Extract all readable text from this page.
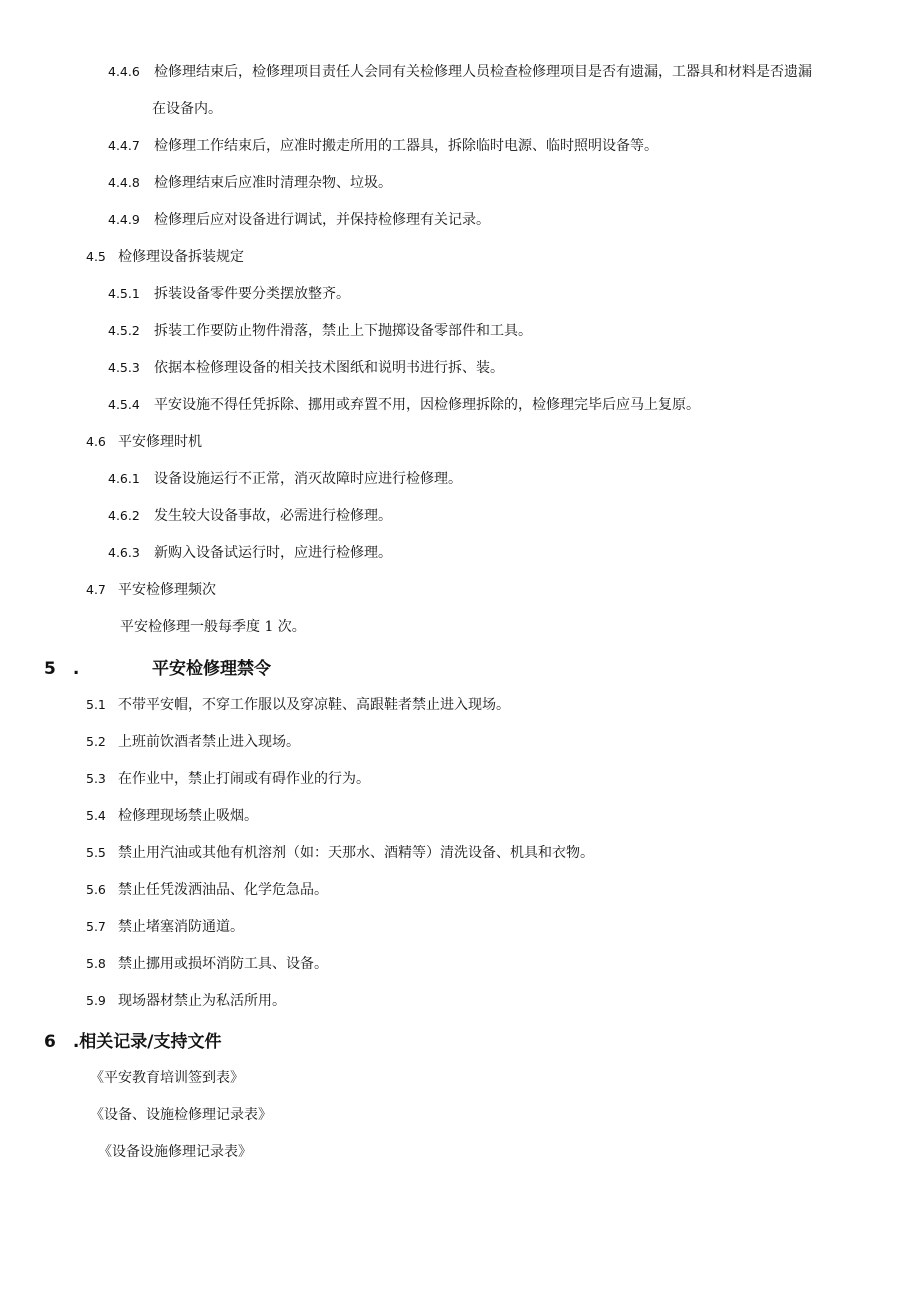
4.4.6 检修理结束后，检修理项目责任人会同有关检修理人员检查检修理项目是否有遗漏，工器具和材料是否遗漏
在设备内。
4.4.7 检修理工作结束后，应准时搬走所用的工器具，拆除临时电源、临时照明设备等。
4.4.8 检修理结束后应准时清理杂物、垃圾。
4.4.9 检修理后应对设备进行调试，并保持检修理有关记录。
4.5 检修理设备拆装规定
4.5.1 拆装设备零件要分类摆放整齐。
4.5.2 拆装工作要防止物件滑落，禁止上下抛掷设备零部件和工具。
4.5.3 依据本检修理设备的相关技术图纸和说明书进行拆、装。
4.5.4 平安设施不得任凭拆除、挪用或弃置不用，因检修理拆除的，检修理完毕后应马上复原。
4.6 平安修理时机
4.6.1 设备设施运行不正常，消灭故障时应进行检修理。
4.6.2 发生较大设备事故，必需进行检修理。
4.6.3 新购入设备试运行时，应进行检修理。
4.7 平安检修理频次
平安检修理一般每季度 1 次。
5　.	平安检修理禁令
5.1 不带平安帽，不穿工作服以及穿凉鞋、高跟鞋者禁止进入现场。
5.2 上班前饮酒者禁止进入现场。
5.3 在作业中，禁止打闹或有碍作业的行为。
5.4 检修理现场禁止吸烟。
5.5 禁止用汽油或其他有机溶剂（如：天那水、酒精等）清洗设备、机具和衣物。
5.6 禁止任凭泼洒油品、化学危急品。
5.7 禁止堵塞消防通道。
5.8 禁止挪用或损坏消防工具、设备。
5.9 现场器材禁止为私活所用。
6　.相关记录/支持文件
《平安教育培训签到表》
《设备、设施检修理记录表》
《设备设施修理记录表》
